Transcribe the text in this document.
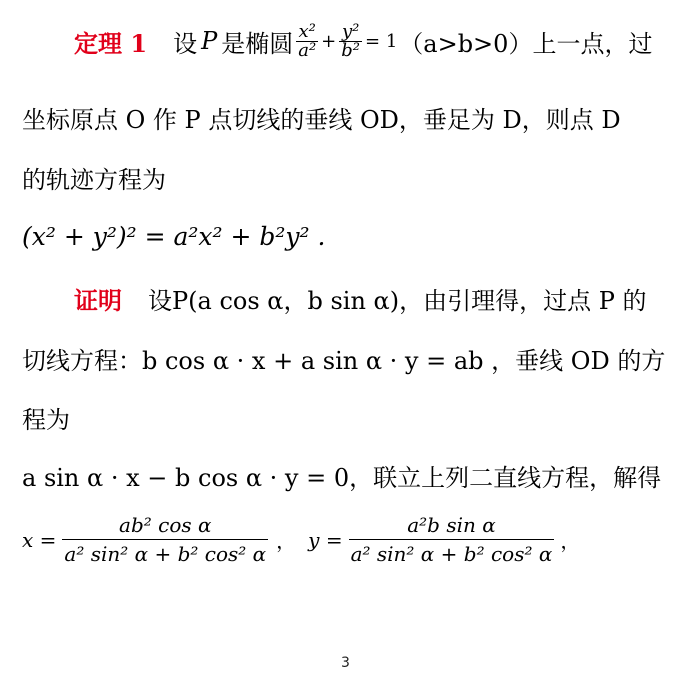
定理 1 设 P 是椭圆 $\frac{\text{x²}}{\text{a²}} + \frac{\text{y²}}{\text{b²}} = 1$ （a>b>0）上一点，过
坐标原点 O 作 P 点切线的垂线 OD，垂足为 D，则点 D
的轨迹方程为
(x² + y²)² = a²x² + b²y² .
证明 设P(a cos α，b sin α)，由引理得，过点 P 的
切线方程：b cos α · x + a sin α · y = ab ，垂线 OD 的方
程为
a sin α · x − b cos α · y = 0，联立上列二直线方程，解得
$x = \frac{\text{ab² cos α}}{\text{a² sin² α + b² cos² α}}$ ， $y = \frac{\text{a²b sin α}}{\text{a² sin² α + b² cos² α}}$ ，
3
